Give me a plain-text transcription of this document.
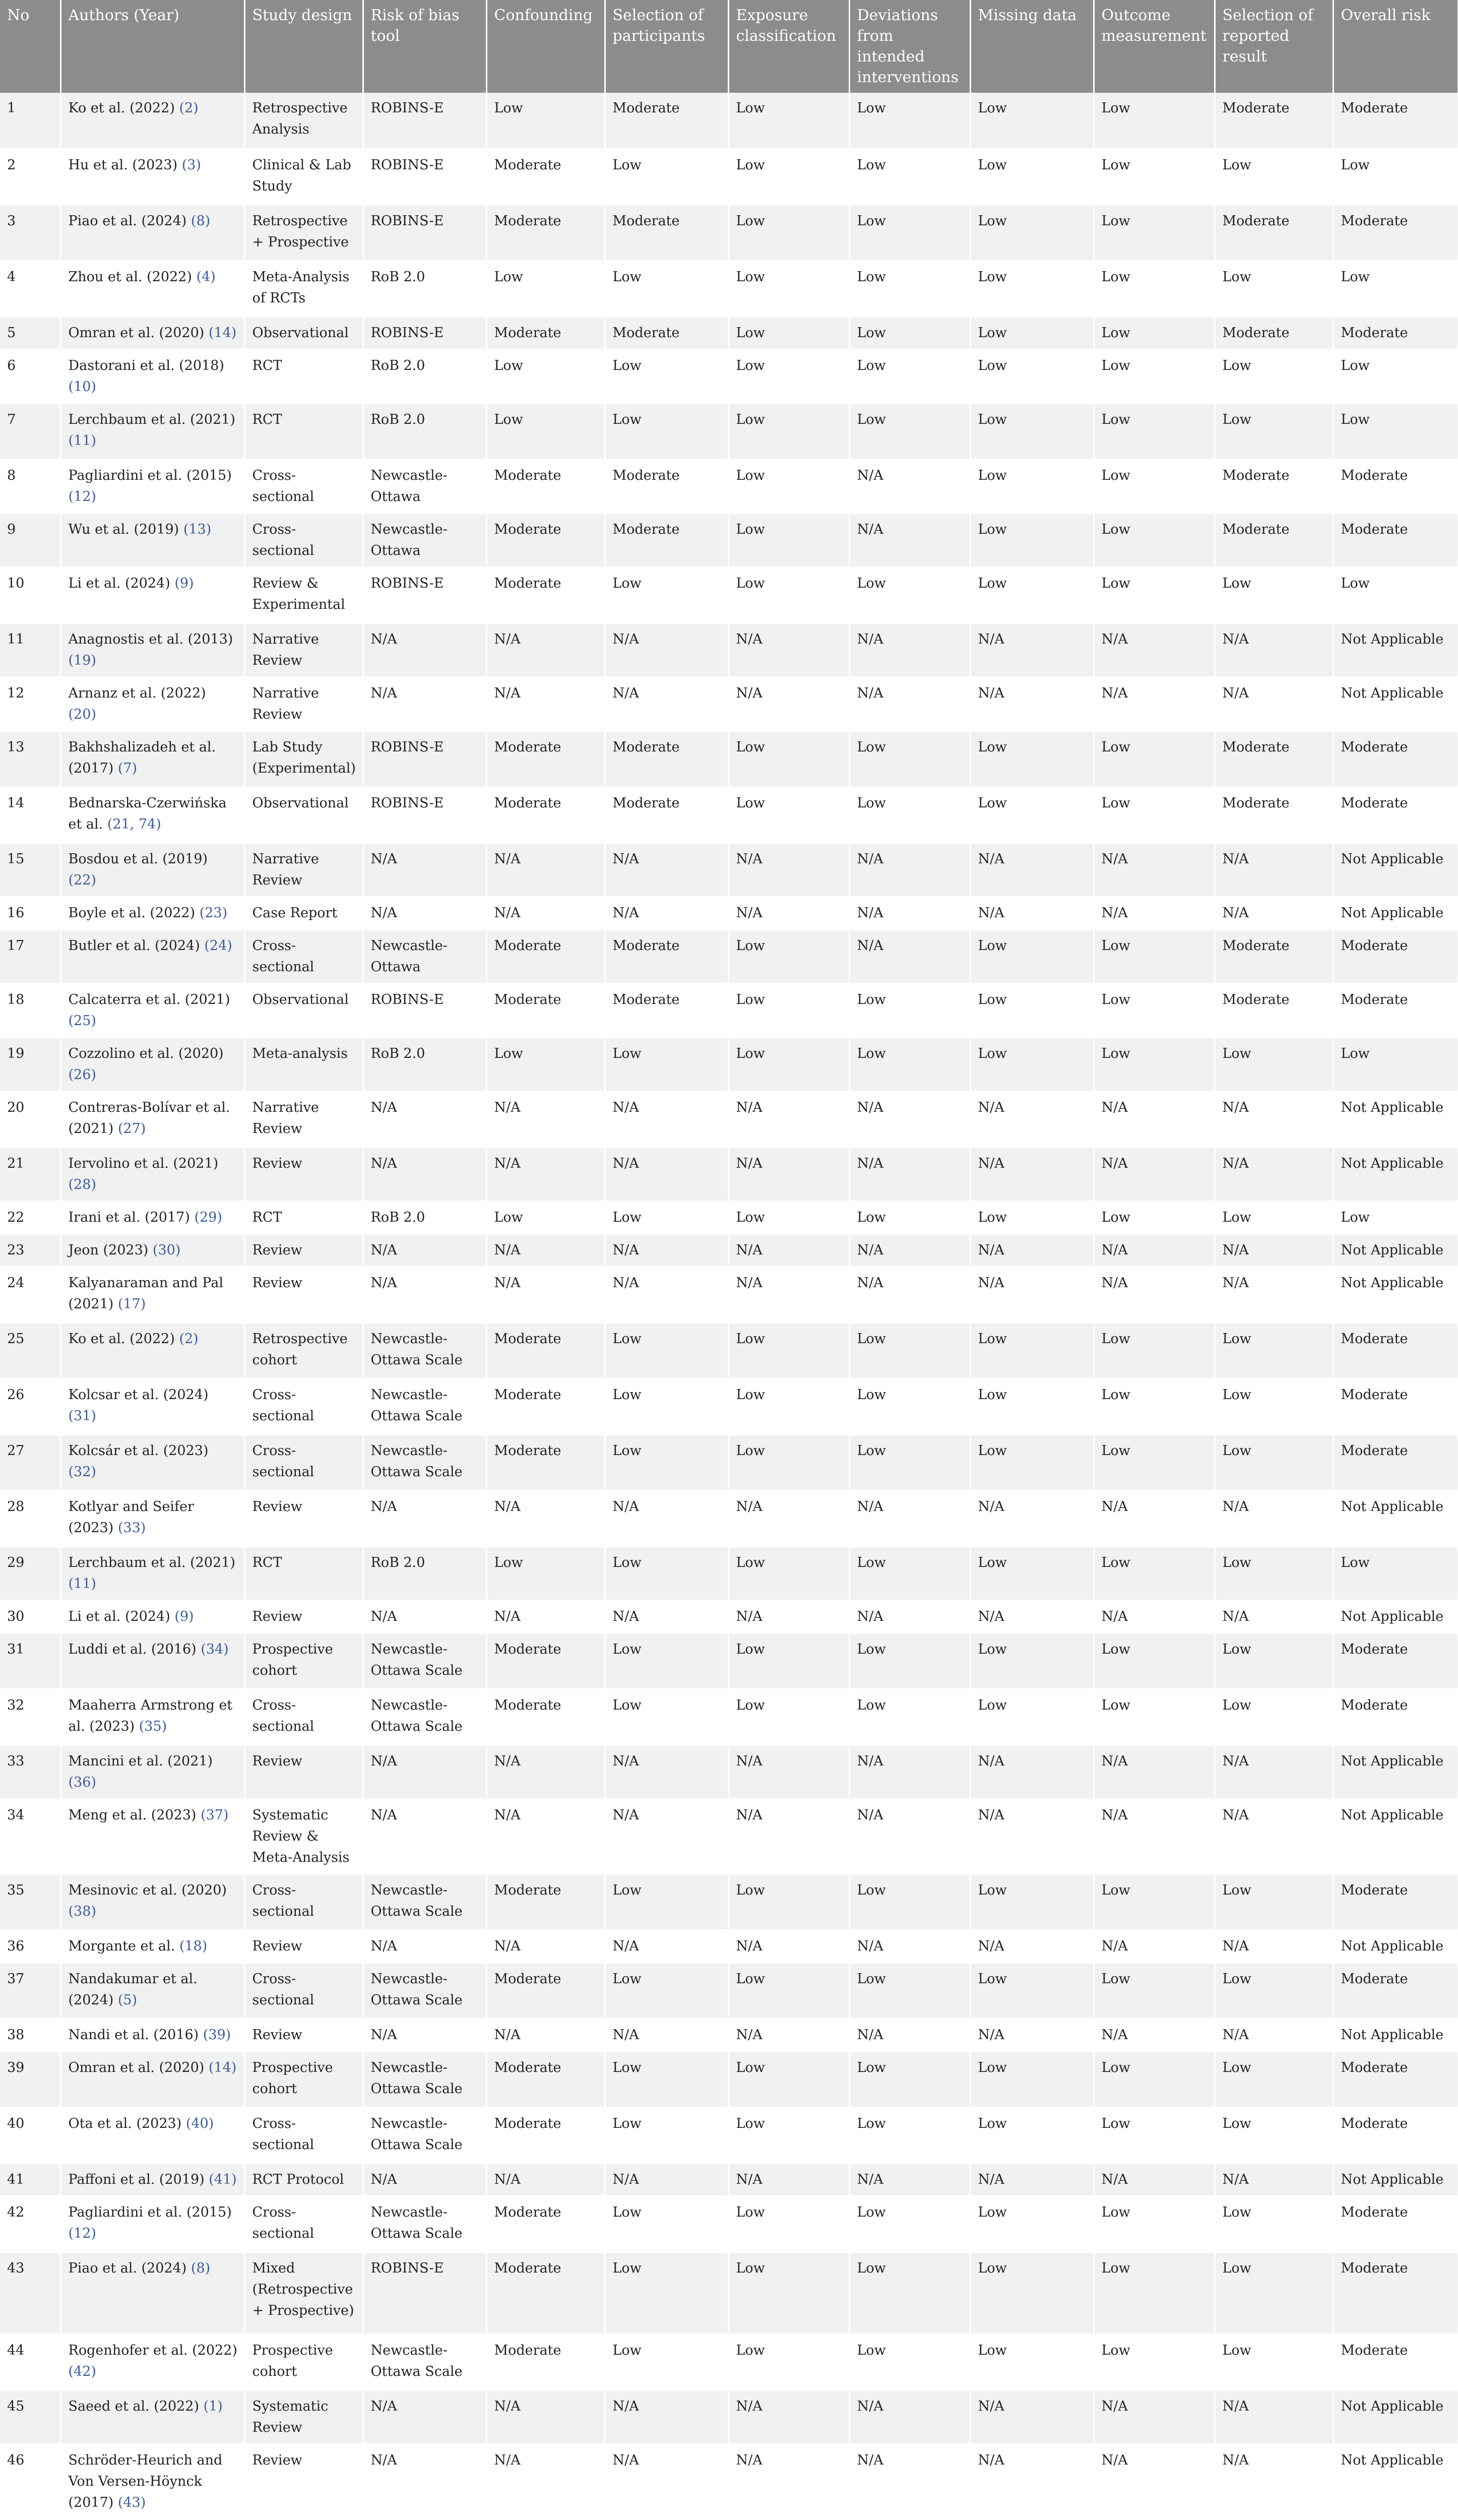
No	Authors (Year)	Study design	Risk of bias tool	Confounding	Selection of participants	Exposure classification	Deviations from intended interventions	Missing data	Outcome measurement	Selection of reported result	Overall risk
1	Ko et al. (2022) (2)	Retrospective Analysis	ROBINS-E	Low	Moderate	Low	Low	Low	Low	Moderate	Moderate
2	Hu et al. (2023) (3)	Clinical & Lab Study	ROBINS-E	Moderate	Low	Low	Low	Low	Low	Low	Low
3	Piao et al. (2024) (8)	Retrospective + Prospective	ROBINS-E	Moderate	Moderate	Low	Low	Low	Low	Moderate	Moderate
4	Zhou et al. (2022) (4)	Meta-Analysis of RCTs	RoB 2.0	Low	Low	Low	Low	Low	Low	Low	Low
5	Omran et al. (2020) (14)	Observational	ROBINS-E	Moderate	Moderate	Low	Low	Low	Low	Moderate	Moderate
6	Dastorani et al. (2018) (10)	RCT	RoB 2.0	Low	Low	Low	Low	Low	Low	Low	Low
7	Lerchbaum et al. (2021) (11)	RCT	RoB 2.0	Low	Low	Low	Low	Low	Low	Low	Low
8	Pagliardini et al. (2015) (12)	Cross-sectional	Newcastle-Ottawa	Moderate	Moderate	Low	N/A	Low	Low	Moderate	Moderate
9	Wu et al. (2019) (13)	Cross-sectional	Newcastle-Ottawa	Moderate	Moderate	Low	N/A	Low	Low	Moderate	Moderate
10	Li et al. (2024) (9)	Review & Experimental	ROBINS-E	Moderate	Low	Low	Low	Low	Low	Low	Low
11	Anagnostis et al. (2013) (19)	Narrative Review	N/A	N/A	N/A	N/A	N/A	N/A	N/A	N/A	Not Applicable
12	Arnanz et al. (2022) (20)	Narrative Review	N/A	N/A	N/A	N/A	N/A	N/A	N/A	N/A	Not Applicable
13	Bakhshalizadeh et al. (2017) (7)	Lab Study (Experimental)	ROBINS-E	Moderate	Moderate	Low	Low	Low	Low	Moderate	Moderate
14	Bednarska-Czerwińska et al. (21, 74)	Observational	ROBINS-E	Moderate	Moderate	Low	Low	Low	Low	Moderate	Moderate
15	Bosdou et al. (2019) (22)	Narrative Review	N/A	N/A	N/A	N/A	N/A	N/A	N/A	N/A	Not Applicable
16	Boyle et al. (2022) (23)	Case Report	N/A	N/A	N/A	N/A	N/A	N/A	N/A	N/A	Not Applicable
17	Butler et al. (2024) (24)	Cross-sectional	Newcastle-Ottawa	Moderate	Moderate	Low	N/A	Low	Low	Moderate	Moderate
18	Calcaterra et al. (2021) (25)	Observational	ROBINS-E	Moderate	Moderate	Low	Low	Low	Low	Moderate	Moderate
19	Cozzolino et al. (2020) (26)	Meta-analysis	RoB 2.0	Low	Low	Low	Low	Low	Low	Low	Low
20	Contreras-Bolívar et al. (2021) (27)	Narrative Review	N/A	N/A	N/A	N/A	N/A	N/A	N/A	N/A	Not Applicable
21	Iervolino et al. (2021) (28)	Review	N/A	N/A	N/A	N/A	N/A	N/A	N/A	N/A	Not Applicable
22	Irani et al. (2017) (29)	RCT	RoB 2.0	Low	Low	Low	Low	Low	Low	Low	Low
23	Jeon (2023) (30)	Review	N/A	N/A	N/A	N/A	N/A	N/A	N/A	N/A	Not Applicable
24	Kalyanaraman and Pal (2021) (17)	Review	N/A	N/A	N/A	N/A	N/A	N/A	N/A	N/A	Not Applicable
25	Ko et al. (2022) (2)	Retrospective cohort	Newcastle-Ottawa Scale	Moderate	Low	Low	Low	Low	Low	Low	Moderate
26	Kolcsar et al. (2024) (31)	Cross-sectional	Newcastle-Ottawa Scale	Moderate	Low	Low	Low	Low	Low	Low	Moderate
27	Kolcsár et al. (2023) (32)	Cross-sectional	Newcastle-Ottawa Scale	Moderate	Low	Low	Low	Low	Low	Low	Moderate
28	Kotlyar and Seifer (2023) (33)	Review	N/A	N/A	N/A	N/A	N/A	N/A	N/A	N/A	Not Applicable
29	Lerchbaum et al. (2021) (11)	RCT	RoB 2.0	Low	Low	Low	Low	Low	Low	Low	Low
30	Li et al. (2024) (9)	Review	N/A	N/A	N/A	N/A	N/A	N/A	N/A	N/A	Not Applicable
31	Luddi et al. (2016) (34)	Prospective cohort	Newcastle-Ottawa Scale	Moderate	Low	Low	Low	Low	Low	Low	Moderate
32	Maaherra Armstrong et al. (2023) (35)	Cross-sectional	Newcastle-Ottawa Scale	Moderate	Low	Low	Low	Low	Low	Low	Moderate
33	Mancini et al. (2021) (36)	Review	N/A	N/A	N/A	N/A	N/A	N/A	N/A	N/A	Not Applicable
34	Meng et al. (2023) (37)	Systematic Review & Meta-Analysis	N/A	N/A	N/A	N/A	N/A	N/A	N/A	N/A	Not Applicable
35	Mesinovic et al. (2020) (38)	Cross-sectional	Newcastle-Ottawa Scale	Moderate	Low	Low	Low	Low	Low	Low	Moderate
36	Morgante et al. (18)	Review	N/A	N/A	N/A	N/A	N/A	N/A	N/A	N/A	Not Applicable
37	Nandakumar et al. (2024) (5)	Cross-sectional	Newcastle-Ottawa Scale	Moderate	Low	Low	Low	Low	Low	Low	Moderate
38	Nandi et al. (2016) (39)	Review	N/A	N/A	N/A	N/A	N/A	N/A	N/A	N/A	Not Applicable
39	Omran et al. (2020) (14)	Prospective cohort	Newcastle-Ottawa Scale	Moderate	Low	Low	Low	Low	Low	Low	Moderate
40	Ota et al. (2023) (40)	Cross-sectional	Newcastle-Ottawa Scale	Moderate	Low	Low	Low	Low	Low	Low	Moderate
41	Paffoni et al. (2019) (41)	RCT Protocol	N/A	N/A	N/A	N/A	N/A	N/A	N/A	N/A	Not Applicable
42	Pagliardini et al. (2015) (12)	Cross-sectional	Newcastle-Ottawa Scale	Moderate	Low	Low	Low	Low	Low	Low	Moderate
43	Piao et al. (2024) (8)	Mixed (Retrospective + Prospective)	ROBINS-E	Moderate	Low	Low	Low	Low	Low	Low	Moderate
44	Rogenhofer et al. (2022) (42)	Prospective cohort	Newcastle-Ottawa Scale	Moderate	Low	Low	Low	Low	Low	Low	Moderate
45	Saeed et al. (2022) (1)	Systematic Review	N/A	N/A	N/A	N/A	N/A	N/A	N/A	N/A	Not Applicable
46	Schröder-Heurich and Von Versen-Höynck (2017) (43)	Review	N/A	N/A	N/A	N/A	N/A	N/A	N/A	N/A	Not Applicable
